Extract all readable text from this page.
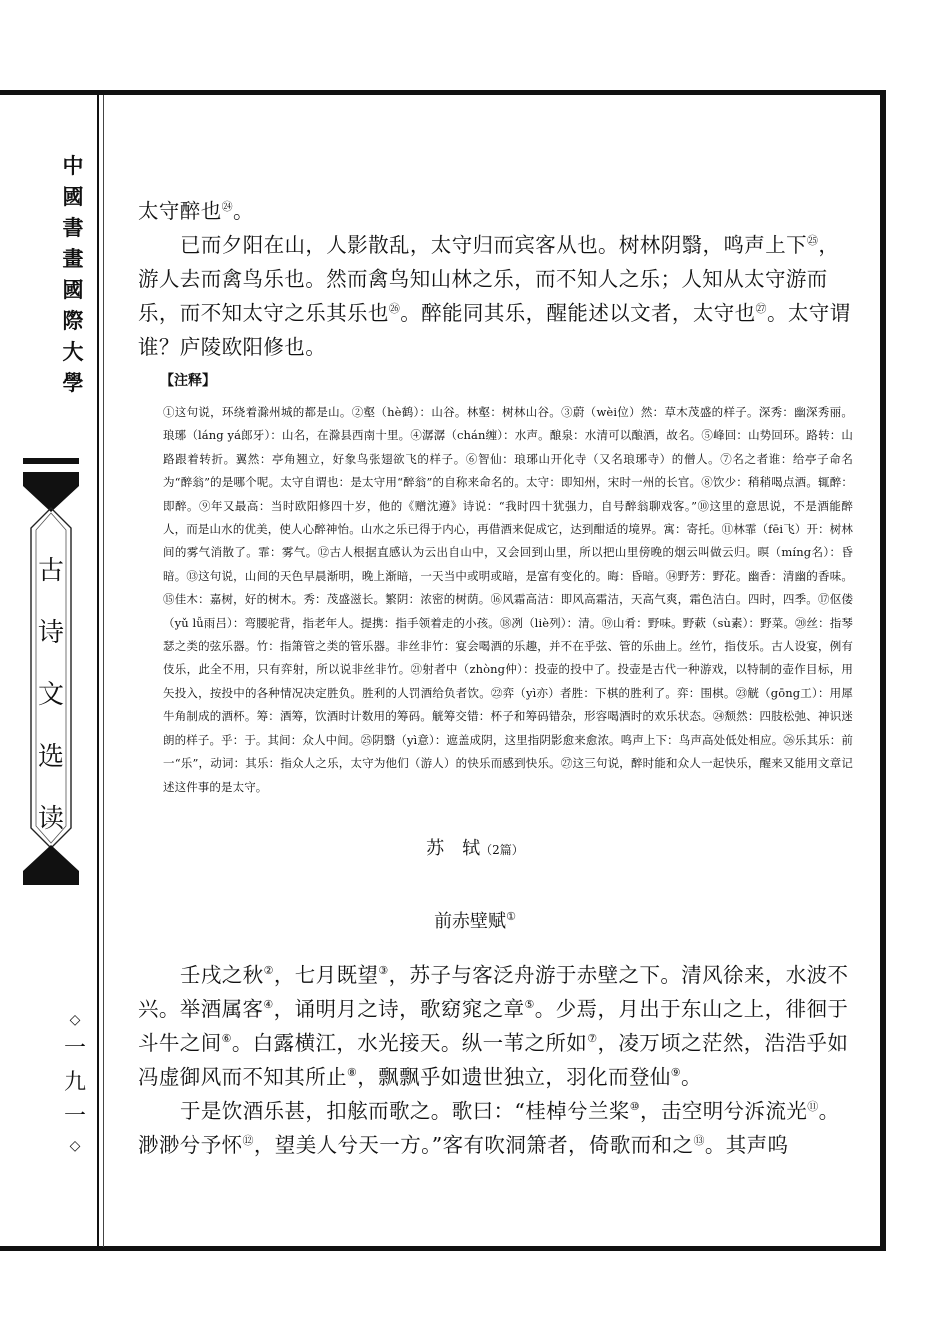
中
國
書
畫
國
際
大
學
古
诗
文
选
读
◇
一
九
一
◇

太守醉也$^㉔$。

已而夕阳在山，人影散乱，太守归而宾客从也。树林阴翳，鸣声上下$^㉕$，游人去而禽鸟乐也。然而禽鸟知山林之乐，而不知人之乐；人知从太守游而乐，而不知太守之乐其乐也$^㉖$。醉能同其乐，醒能述以文者，太守也$^㉗$。太守谓谁？庐陵欧阳修也。

【注释】
①这句说，环绕着滁州城的都是山。②壑（hè鹤）：山谷。林壑：树林山谷。③蔚（wèi位）然：草木茂盛的样子。深秀：幽深秀丽。琅琊（láng yá郎牙）：山名，在滁县西南十里。④潺潺（chán缠）：水声。酿泉：水清可以酿酒，故名。⑤峰回：山势回环。路转：山路跟着转折。翼然：亭角翘立，好象鸟张翅欲飞的样子。⑥智仙：琅琊山开化寺（又名琅琊寺）的僧人。⑦名之者谁：给亭子命名为“醉翁”的是哪个呢。太守自谓也：是太守用“醉翁”的自称来命名的。太守：即知州，宋时一州的长官。⑧饮少：稍稍喝点酒。辄醉：即醉。⑨年又最高：当时欧阳修四十岁，他的《赠沈遵》诗说：“我时四十犹强力，自号醉翁聊戏客。”⑩这里的意思说，不是酒能醉人，而是山水的优美，使人心醉神怡。山水之乐已得于内心，再借酒来促成它，达到酣适的境界。寓：寄托。⑪林霏（fēi飞）开：树林间的雾气消散了。霏：雾气。⑫古人根据直感认为云出自山中，又会回到山里，所以把山里傍晚的烟云叫做云归。暝（míng名）：昏暗。⑬这句说，山间的天色早晨渐明，晚上渐暗，一天当中或明或暗，是富有变化的。晦：昏暗。⑭野芳：野花。幽香：清幽的香味。⑮佳木：嘉树，好的树木。秀：茂盛滋长。繁阴：浓密的树荫。⑯风霜高洁：即风高霜洁，天高气爽，霜色洁白。四时，四季。⑰伛偻（yǔ lǚ雨吕）：弯腰驼背，指老年人。提携：指手领着走的小孩。⑱冽（liè列）：清。⑲山肴：野味。野蔌（sù素）：野菜。⑳丝：指琴瑟之类的弦乐器。竹：指箫管之类的管乐器。非丝非竹：宴会喝酒的乐趣，并不在乎弦、管的乐曲上。丝竹，指伎乐。古人设宴，例有伎乐，此全不用，只有弈射，所以说非丝非竹。㉑射者中（zhòng仲）：投壶的投中了。投壶是古代一种游戏，以特制的壶作目标，用矢投入，按投中的各种情况决定胜负。胜利的人罚酒给负者饮。㉒弈（yì亦）者胜：下棋的胜利了。弈：围棋。㉓觥（gōng工）：用犀牛角制成的酒杯。筹：酒筹，饮酒时计数用的筹码。觥筹交错：杯子和筹码错杂，形容喝酒时的欢乐状态。㉔颓然：四肢松弛、神识迷朗的样子。乎：于。其间：众人中间。㉕阴翳（yì意）：遮盖成阴，这里指阴影愈来愈浓。鸣声上下：鸟声高处低处相应。㉖乐其乐：前一“乐”，动词：其乐：指众人之乐，太守为他们（游人）的快乐而感到快乐。㉗这三句说，醉时能和众人一起快乐，醒来又能用文章记述这件事的是太守。
苏　轼（2篇）
前赤壁赋①

壬戌之秋②，七月既望③，苏子与客泛舟游于赤壁之下。清风徐来，水波不兴。举酒属客④，诵明月之诗，歌窈窕之章⑤。少焉，月出于东山之上，徘徊于斗牛之间⑥。白露横江，水光接天。纵一苇之所如⑦，凌万顷之茫然，浩浩乎如冯虚御风而不知其所止⑧，飘飘乎如遗世独立，羽化而登仙⑨。

于是饮酒乐甚，扣舷而歌之。歌曰：“桂棹兮兰桨⑩，击空明兮泝流光⑪。渺渺兮予怀⑫，望美人兮天一方。”客有吹洞箫者，倚歌而和之⑬。其声呜
